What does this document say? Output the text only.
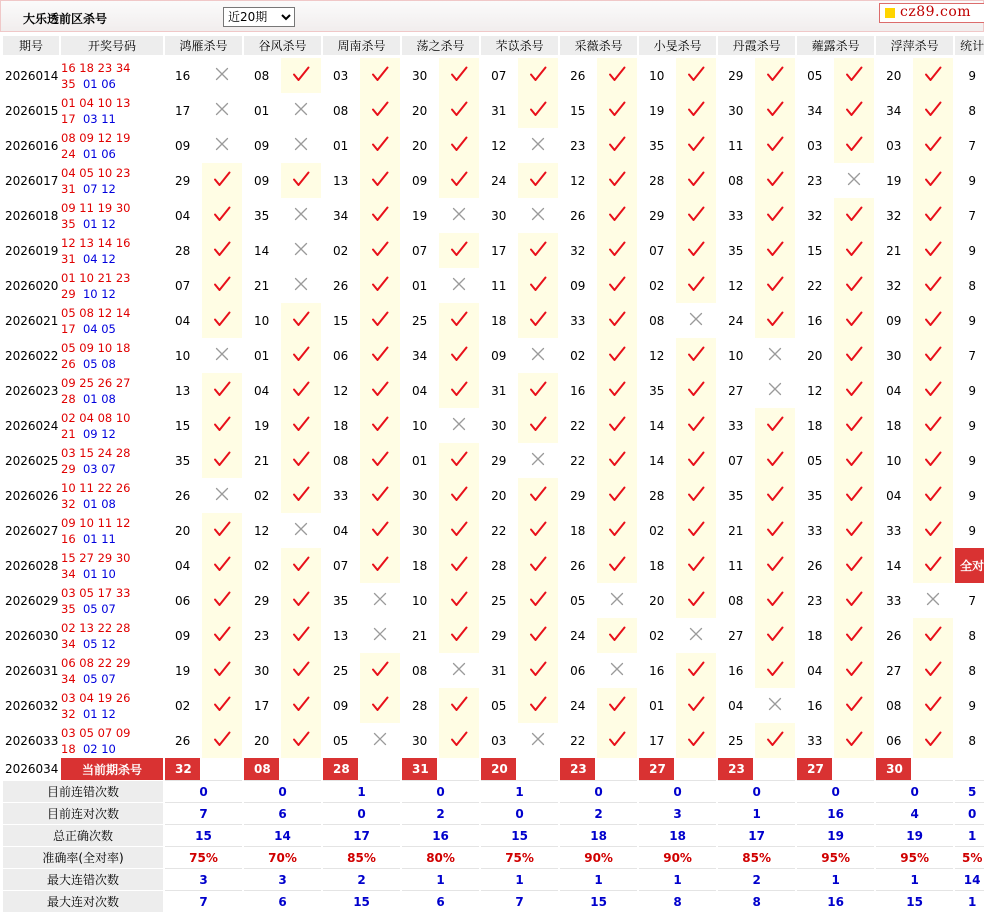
大乐透前区杀号
近20期	cz89.com
期号	开奖号码	鸿雁杀号		谷风杀号		周南杀号		荡之杀号		芣苡杀号		采薇杀号		小旻杀号		丹霞杀号		蕹露杀号		浮萍杀号		统计
2026014	16 18 23 34 35 01 06	16		08		03		30		07		26		10		29		05		20		9
2026015	01 04 10 13 17 03 11	17		01		08		20		31		15		19		30		34		34		8
2026016	08 09 12 19 24 01 06	09		09		01		20		12		23		35		11		03		03		7
2026017	04 05 10 23 31 07 12	29		09		13		09		24		12		28		08		23		19		9
2026018	09 11 19 30 35 01 12	04		35		34		19		30		26		29		33		32		32		7
2026019	12 13 14 16 31 04 12	28		14		02		07		17		32		07		35		15		21		9
2026020	01 10 21 23 29 10 12	07		21		26		01		11		09		02		12		22		32		8
2026021	05 08 12 14 17 04 05	04		10		15		25		18		33		08		24		16		09		9
2026022	05 09 10 18 26 05 08	10		01		06		34		09		02		12		10		20		30		7
2026023	09 25 26 27 28 01 08	13		04		12		04		31		16		35		27		12		04		9
2026024	02 04 08 10 21 09 12	15		19		18		10		30		22		14		33		18		18		9
2026025	03 15 24 28 29 03 07	35		21		08		01		29		22		14		07		05		10		9
2026026	10 11 22 26 32 01 08	26		02		33		30		20		29		28		35		35		04		9
2026027	09 10 11 12 16 01 11	20		12		04		30		22		18		02		21		33		33		9
2026028	15 27 29 30 34 01 10	04		02		07		18		28		26		18		11		26		14		全对
2026029	03 05 17 33 35 05 07	06		29		35		10		25		05		20		08		23		33		7
2026030	02 13 22 28 34 05 12	09		23		13		21		29		24		02		27		18		26		8
2026031	06 08 22 29 34 05 07	19		30		25		08		31		06		16		16		04		27		8
2026032	03 04 19 26 32 01 12	02		17		09		28		05		24		01		04		16		08		9
2026033	03 05 07 09 18 02 10	26		20		05		30		03		22		17		25		33		06		8
2026034	当前期杀号	32		08		28		31		20		23		27		23		27		30		
目前连错次数		0		0		1		0		1		0		0		0		0		0		5
目前连对次数		7		6		0		2		0		2		3		1		16		4		0
总正确次数		15		14		17		16		15		18		18		17		19		19		1
准确率(全对率)		75%		70%		85%		80%		75%		90%		90%		85%		95%		95%		5%
最大连错次数		3		3		2		1		1		1		1		2		1		1		14
最大连对次数		7		6		15		6		7		15		8		8		16		15		1
